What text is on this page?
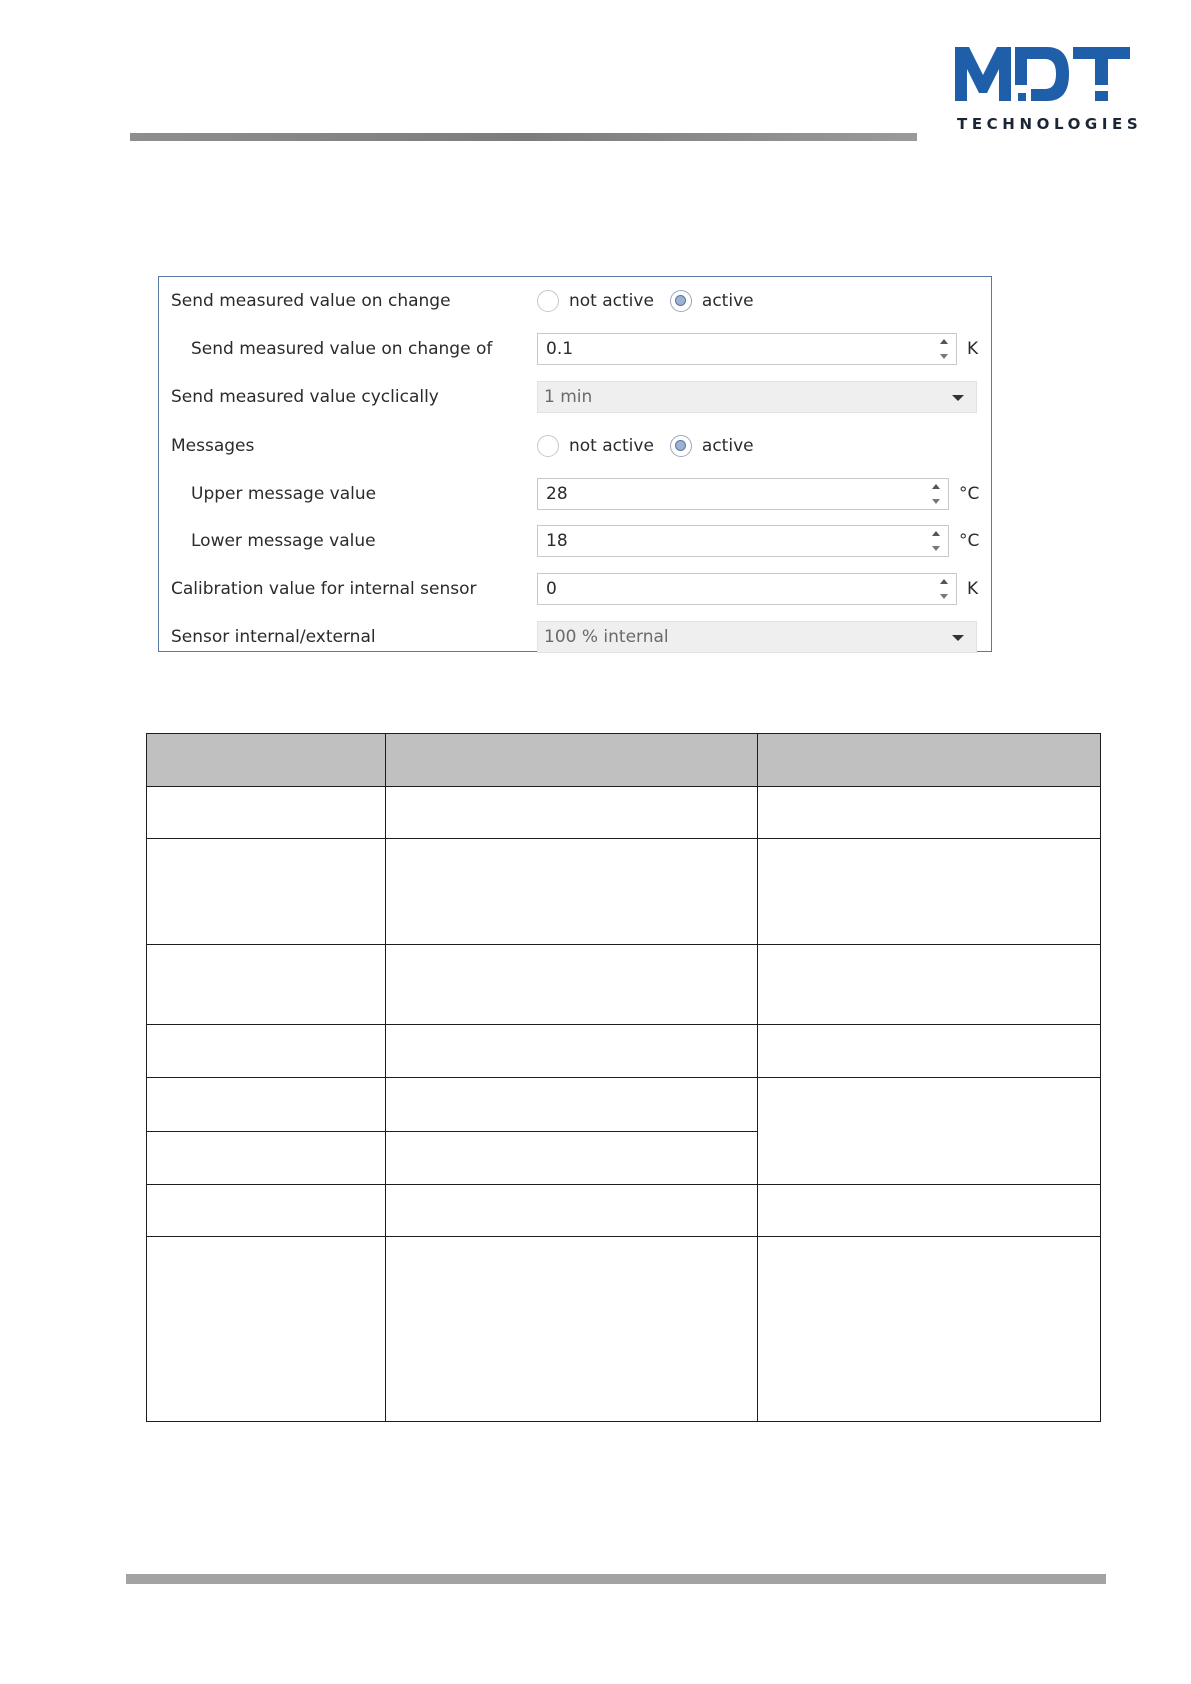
TECHNOLOGIES
Send measured value on change	not active	active
Send measured value on change of	0.1	K
Send measured value cyclically	1 min
Messages	not active	active
Upper message value	28	°C
Lower message value	18	°C
Calibration value for internal sensor	0	K
Sensor internal/external	100 % internal
